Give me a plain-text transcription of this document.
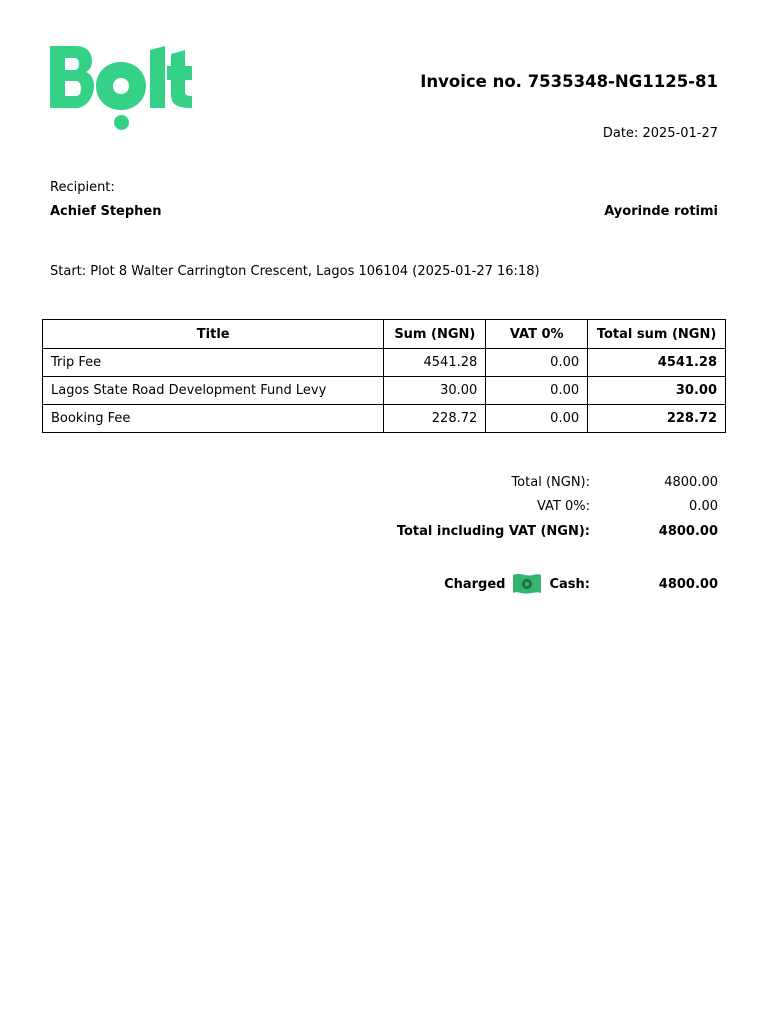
Invoice no. 7535348-NG1125-81
Date: 2025-01-27
Recipient:
Achief Stephen	Ayorinde rotimi
Start: Plot 8 Walter Carrington Crescent, Lagos 106104 (2025-01-27 16:18)
Title	Sum (NGN)	VAT 0%	Total sum (NGN)
Trip Fee	4541.28	0.00	4541.28
Lagos State Road Development Fund Levy	30.00	0.00	30.00
Booking Fee	228.72	0.00	228.72
Total (NGN):	4800.00
VAT 0%:	0.00
Total including VAT (NGN):	4800.00
Charged	Cash:	4800.00
